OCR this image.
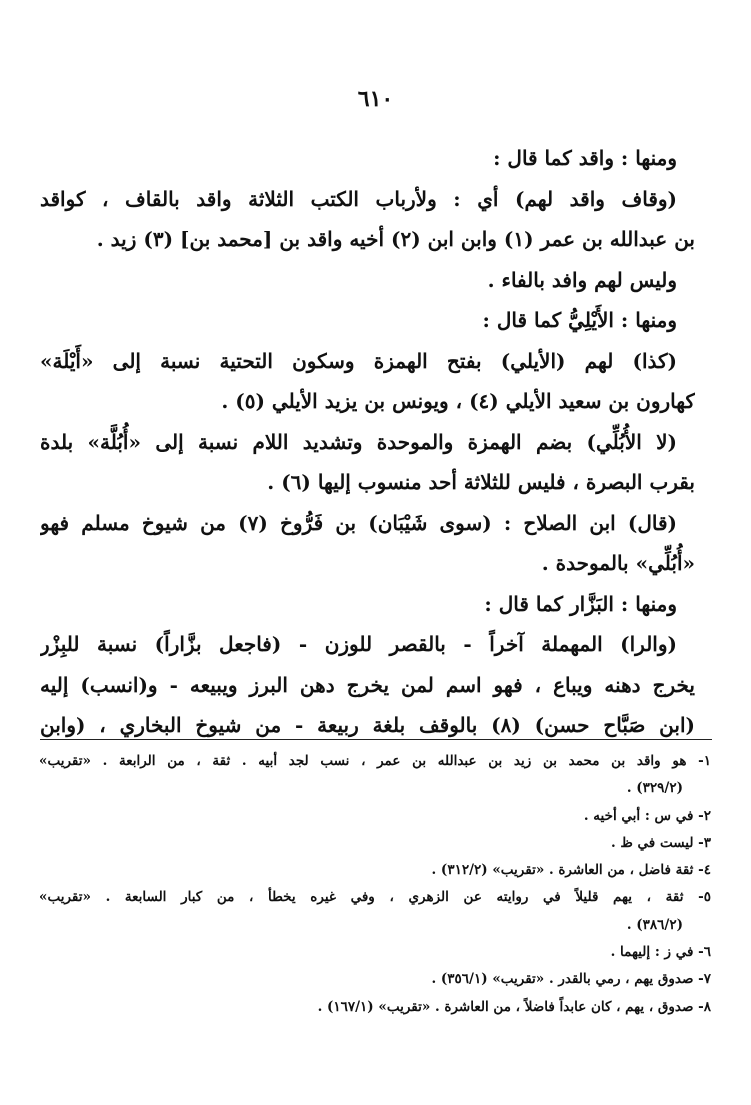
٦١٠
ومنها : واقد كما قال :
(وقاف واقد لهم) أي : ولأرباب الكتب الثلاثة واقد بالقاف ، كواقد
بن عبدالله بن عمر (١) وابن ابن (٢) أخيه واقد بن [محمد بن] (٣) زيد .
وليس لهم وافد بالفاء .
ومنها : الأَيْلِيُّ كما قال :
(كذا) لهم (الأيلي) بفتح الهمزة وسكون التحتية نسبة إلى «أَيْلَة»
كهارون بن سعيد الأيلي (٤) ، ويونس بن يزيد الأيلي (٥) .
(لا الأُبُلِّي) بضم الهمزة والموحدة وتشديد اللام نسبة إلى «أُبُلَّة» بلدة
بقرب البصرة ، فليس للثلاثة أحد منسوب إليها (٦) .
(قال) ابن الصلاح : (سوى شَيْبَان) بن فَرُّوخ (٧) من شيوخ مسلم فهو
«أُبُلِّي» بالموحدة .
ومنها : البَزَّار كما قال :
(والرا) المهملة آخراً - بالقصر للوزن - (فاجعل بزَّاراً) نسبة للبِزْر
يخرج دهنه ويباع ، فهو اسم لمن يخرج دهن البرز ويبيعه - و(انسب) إليه
(ابن صَبَّاح حسن) (٨) بالوقف بلغة ربيعة - من شيوخ البخاري ، (وابن
١- هو واقد بن محمد بن زيد بن عبدالله بن عمر ، نسب لجد أبيه . ثقة ، من الرابعة . «تقريب»
(٣٢٩/٢) .
٢- في س : أبي أخيه .
٣- ليست في ظ .
٤- ثقة فاضل ، من العاشرة . «تقريب» (٣١٢/٢) .
٥- ثقة ، يهم قليلاً في روايته عن الزهري ، وفي غيره يخطأ ، من كبار السابعة . «تقريب»
(٣٨٦/٢) .
٦- في ز : إليهما .
٧- صدوق يهم ، رمي بالقدر . «تقريب» (٣٥٦/١) .
٨- صدوق ، يهم ، كان عابداً فاضلاً ، من العاشرة . «تقريب» (١٦٧/١) .
